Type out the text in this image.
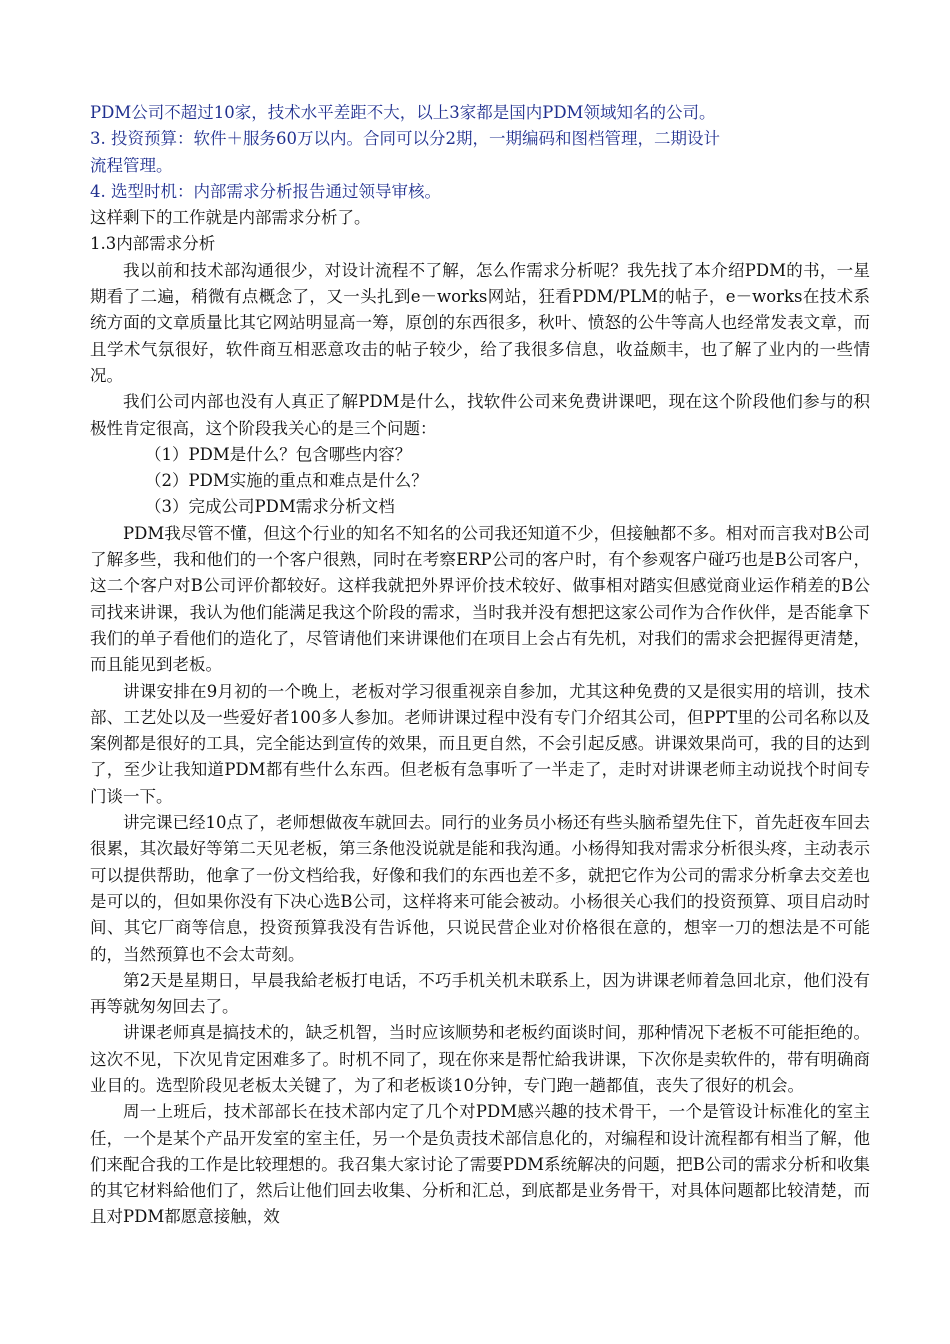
PDM公司不超过10家，技术水平差距不大，以上3家都是国内PDM领域知名的公司。
3. 投资预算：软件＋服务60万以内。合同可以分2期，一期编码和图档管理，二期设计
流程管理。
4. 选型时机：内部需求分析报告通过领导审核。
这样剩下的工作就是内部需求分析了。
1.3内部需求分析

我以前和技术部沟通很少，对设计流程不了解，怎么作需求分析呢？我先找了本介绍PDM的书，一星期看了二遍，稍微有点概念了，又一头扎到e－works网站，狂看PDM/PLM的帖子，e－works在技术系统方面的文章质量比其它网站明显高一筹，原创的东西很多，秋叶、愤怒的公牛等高人也经常发表文章，而且学术气氛很好，软件商互相恶意攻击的帖子较少，给了我很多信息，收益颇丰，也了解了业内的一些情况。

我们公司内部也没有人真正了解PDM是什么，找软件公司来免费讲课吧，现在这个阶段他们参与的积极性肯定很高，这个阶段我关心的是三个问题：

（1）PDM是什么？包含哪些内容？
（2）PDM实施的重点和难点是什么？
（3）完成公司PDM需求分析文档

PDM我尽管不懂，但这个行业的知名不知名的公司我还知道不少，但接触都不多。相对而言我对B公司了解多些，我和他们的一个客户很熟，同时在考察ERP公司的客户时，有个参观客户碰巧也是B公司客户，这二个客户对B公司评价都较好。这样我就把外界评价技术较好、做事相对踏实但感觉商业运作稍差的B公司找来讲课，我认为他们能满足我这个阶段的需求，当时我并没有想把这家公司作为合作伙伴，是否能拿下我们的单子看他们的造化了，尽管请他们来讲课他们在项目上会占有先机，对我们的需求会把握得更清楚，而且能见到老板。

讲课安排在9月初的一个晚上，老板对学习很重视亲自参加，尤其这种免费的又是很实用的培训，技术部、工艺处以及一些爱好者100多人参加。老师讲课过程中没有专门介绍其公司，但PPT里的公司名称以及案例都是很好的工具，完全能达到宣传的效果，而且更自然，不会引起反感。讲课效果尚可，我的目的达到了，至少让我知道PDM都有些什么东西。但老板有急事听了一半走了，走时对讲课老师主动说找个时间专门谈一下。

讲完课已经10点了，老师想做夜车就回去。同行的业务员小杨还有些头脑希望先住下，首先赶夜车回去很累，其次最好等第二天见老板，第三条他没说就是能和我沟通。小杨得知我对需求分析很头疼，主动表示可以提供帮助，他拿了一份文档给我，好像和我们的东西也差不多，就把它作为公司的需求分析拿去交差也是可以的，但如果你没有下决心选B公司，这样将来可能会被动。小杨很关心我们的投资预算、项目启动时间、其它厂商等信息，投资预算我没有告诉他，只说民营企业对价格很在意的，想宰一刀的想法是不可能的，当然预算也不会太苛刻。

第2天是星期日，早晨我給老板打电话，不巧手机关机未联系上，因为讲课老师着急回北京，他们没有再等就匆匆回去了。

讲课老师真是搞技术的，缺乏机智，当时应该顺势和老板约面谈时间，那种情况下老板不可能拒绝的。这次不见，下次见肯定困难多了。时机不同了，现在你来是帮忙給我讲课，下次你是卖软件的，带有明确商业目的。选型阶段见老板太关键了，为了和老板谈10分钟，专门跑一趟都值，丧失了很好的机会。

周一上班后，技术部部长在技术部内定了几个对PDM感兴趣的技术骨干，一个是管设计标准化的室主任，一个是某个产品开发室的室主任，另一个是负责技术部信息化的，对编程和设计流程都有相当了解，他们来配合我的工作是比较理想的。我召集大家讨论了需要PDM系统解决的问题，把B公司的需求分析和收集的其它材料給他们了，然后让他们回去收集、分析和汇总，到底都是业务骨干，对具体问题都比较清楚，而且对PDM都愿意接触，效
